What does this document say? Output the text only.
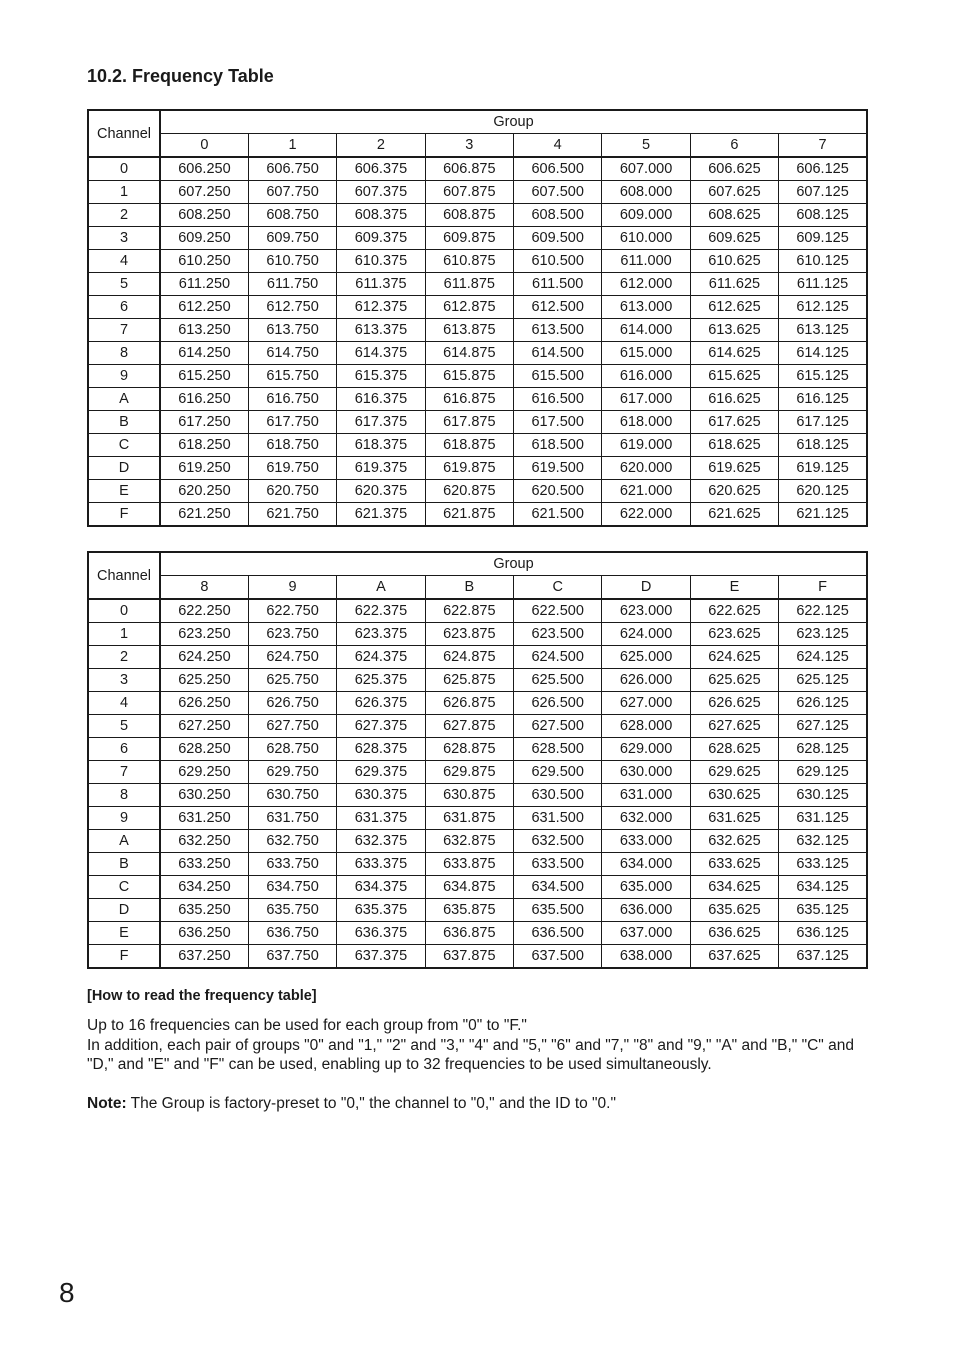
10.2. Frequency Table
Channel	Group							
	0	1	2	3	4	5	6	7
0	606.250	606.750	606.375	606.875	606.500	607.000	606.625	606.125
1	607.250	607.750	607.375	607.875	607.500	608.000	607.625	607.125
2	608.250	608.750	608.375	608.875	608.500	609.000	608.625	608.125
3	609.250	609.750	609.375	609.875	609.500	610.000	609.625	609.125
4	610.250	610.750	610.375	610.875	610.500	611.000	610.625	610.125
5	611.250	611.750	611.375	611.875	611.500	612.000	611.625	611.125
6	612.250	612.750	612.375	612.875	612.500	613.000	612.625	612.125
7	613.250	613.750	613.375	613.875	613.500	614.000	613.625	613.125
8	614.250	614.750	614.375	614.875	614.500	615.000	614.625	614.125
9	615.250	615.750	615.375	615.875	615.500	616.000	615.625	615.125
A	616.250	616.750	616.375	616.875	616.500	617.000	616.625	616.125
B	617.250	617.750	617.375	617.875	617.500	618.000	617.625	617.125
C	618.250	618.750	618.375	618.875	618.500	619.000	618.625	618.125
D	619.250	619.750	619.375	619.875	619.500	620.000	619.625	619.125
E	620.250	620.750	620.375	620.875	620.500	621.000	620.625	620.125
F	621.250	621.750	621.375	621.875	621.500	622.000	621.625	621.125
Channel	Group							
	8	9	A	B	C	D	E	F
0	622.250	622.750	622.375	622.875	622.500	623.000	622.625	622.125
1	623.250	623.750	623.375	623.875	623.500	624.000	623.625	623.125
2	624.250	624.750	624.375	624.875	624.500	625.000	624.625	624.125
3	625.250	625.750	625.375	625.875	625.500	626.000	625.625	625.125
4	626.250	626.750	626.375	626.875	626.500	627.000	626.625	626.125
5	627.250	627.750	627.375	627.875	627.500	628.000	627.625	627.125
6	628.250	628.750	628.375	628.875	628.500	629.000	628.625	628.125
7	629.250	629.750	629.375	629.875	629.500	630.000	629.625	629.125
8	630.250	630.750	630.375	630.875	630.500	631.000	630.625	630.125
9	631.250	631.750	631.375	631.875	631.500	632.000	631.625	631.125
A	632.250	632.750	632.375	632.875	632.500	633.000	632.625	632.125
B	633.250	633.750	633.375	633.875	633.500	634.000	633.625	633.125
C	634.250	634.750	634.375	634.875	634.500	635.000	634.625	634.125
D	635.250	635.750	635.375	635.875	635.500	636.000	635.625	635.125
E	636.250	636.750	636.375	636.875	636.500	637.000	636.625	636.125
F	637.250	637.750	637.375	637.875	637.500	638.000	637.625	637.125

[How to read the frequency table]

Up to 16 frequencies can be used for each group from "0" to "F."
In addition, each pair of groups "0" and "1," "2" and "3," "4" and "5," "6" and "7," "8" and "9," "A" and "B," "C" and "D," and "E" and "F" can be used, enabling up to 32 frequencies to be used simultaneously.

Note: The Group is factory-preset to "0," the channel to "0," and the ID to "0."

8
